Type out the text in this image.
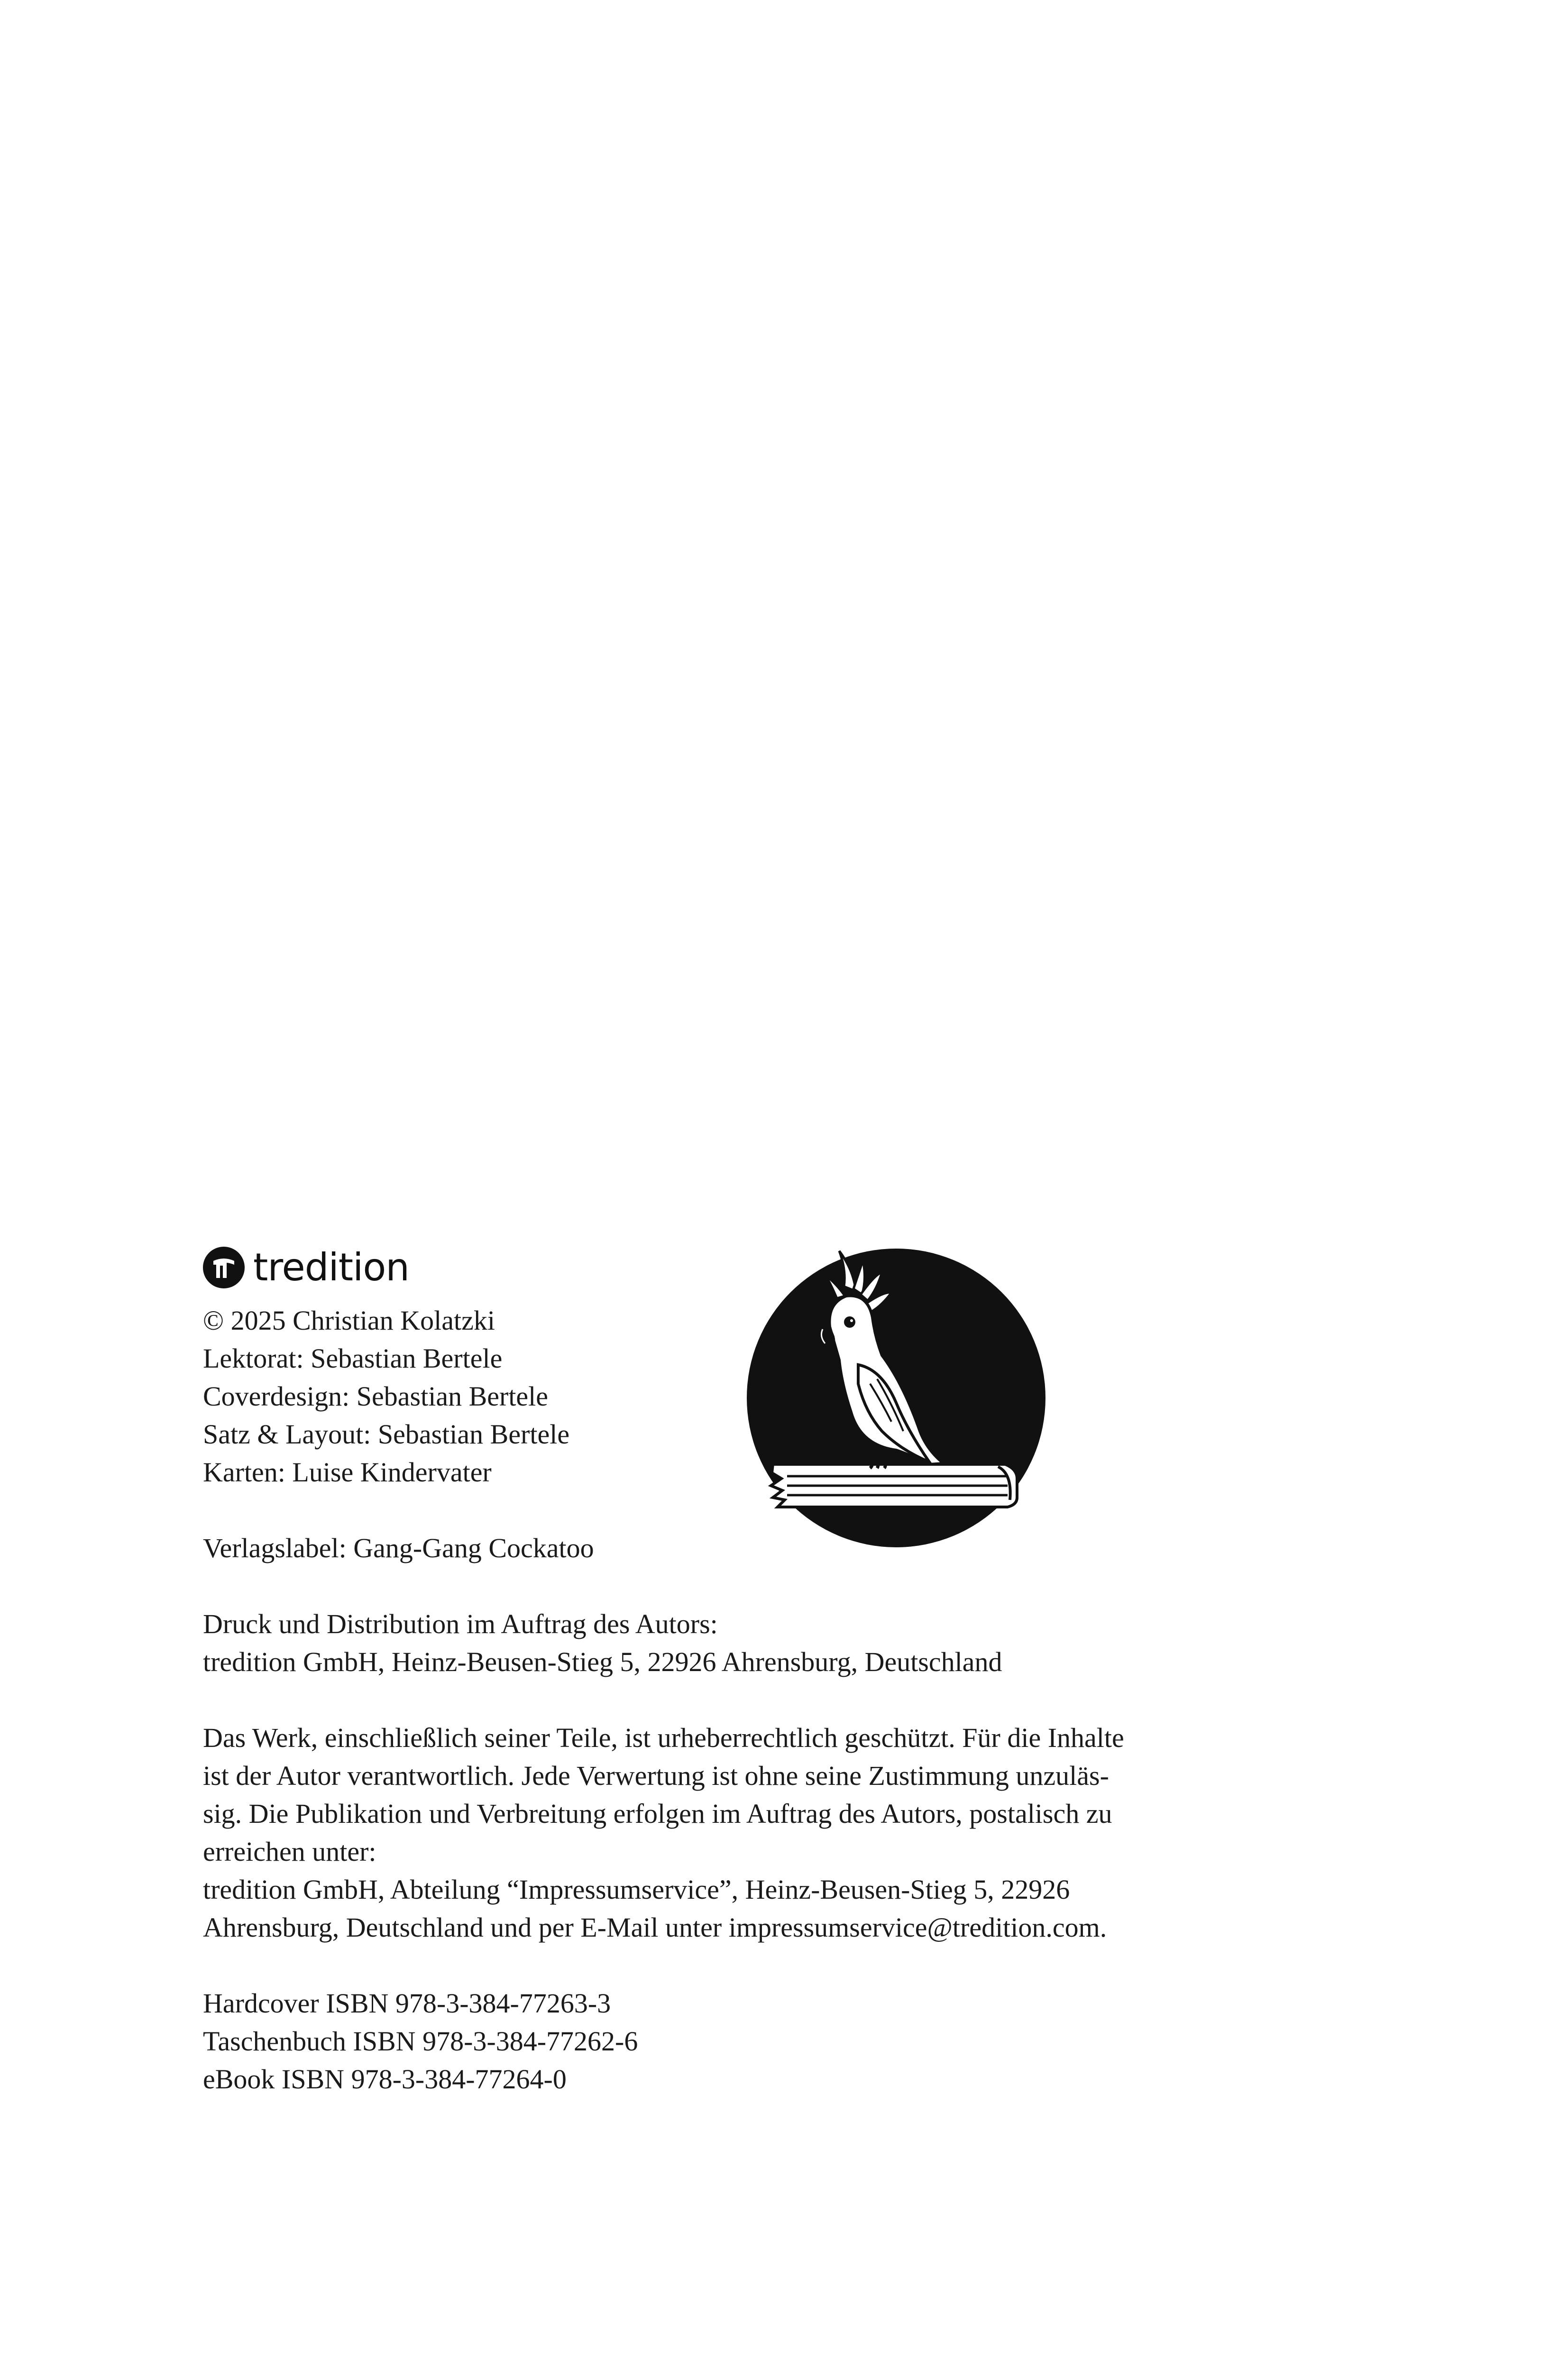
tredition
© 2025 Christian Kolatzki
Lektorat: Sebastian Bertele
Coverdesign: Sebastian Bertele
Satz & Layout: Sebastian Bertele
Karten: Luise Kindervater
Verlagslabel: Gang-Gang Cockatoo
Druck und Distribution im Auftrag des Autors:
tredition GmbH, Heinz-Beusen-Stieg 5, 22926 Ahrensburg, Deutschland
Das Werk, einschließlich seiner Teile, ist urheberrechtlich geschützt. Für die Inhalte
ist der Autor verantwortlich. Jede Verwertung ist ohne seine Zustimmung unzuläs-
sig. Die Publikation und Verbreitung erfolgen im Auftrag des Autors, postalisch zu
erreichen unter:
tredition GmbH, Abteilung “Impressumservice”, Heinz-Beusen-Stieg 5, 22926
Ahrensburg, Deutschland und per E-Mail unter impressumservice@tredition.com.
Hardcover ISBN 978-3-384-77263-3
Taschenbuch ISBN 978-3-384-77262-6
eBook ISBN 978-3-384-77264-0
